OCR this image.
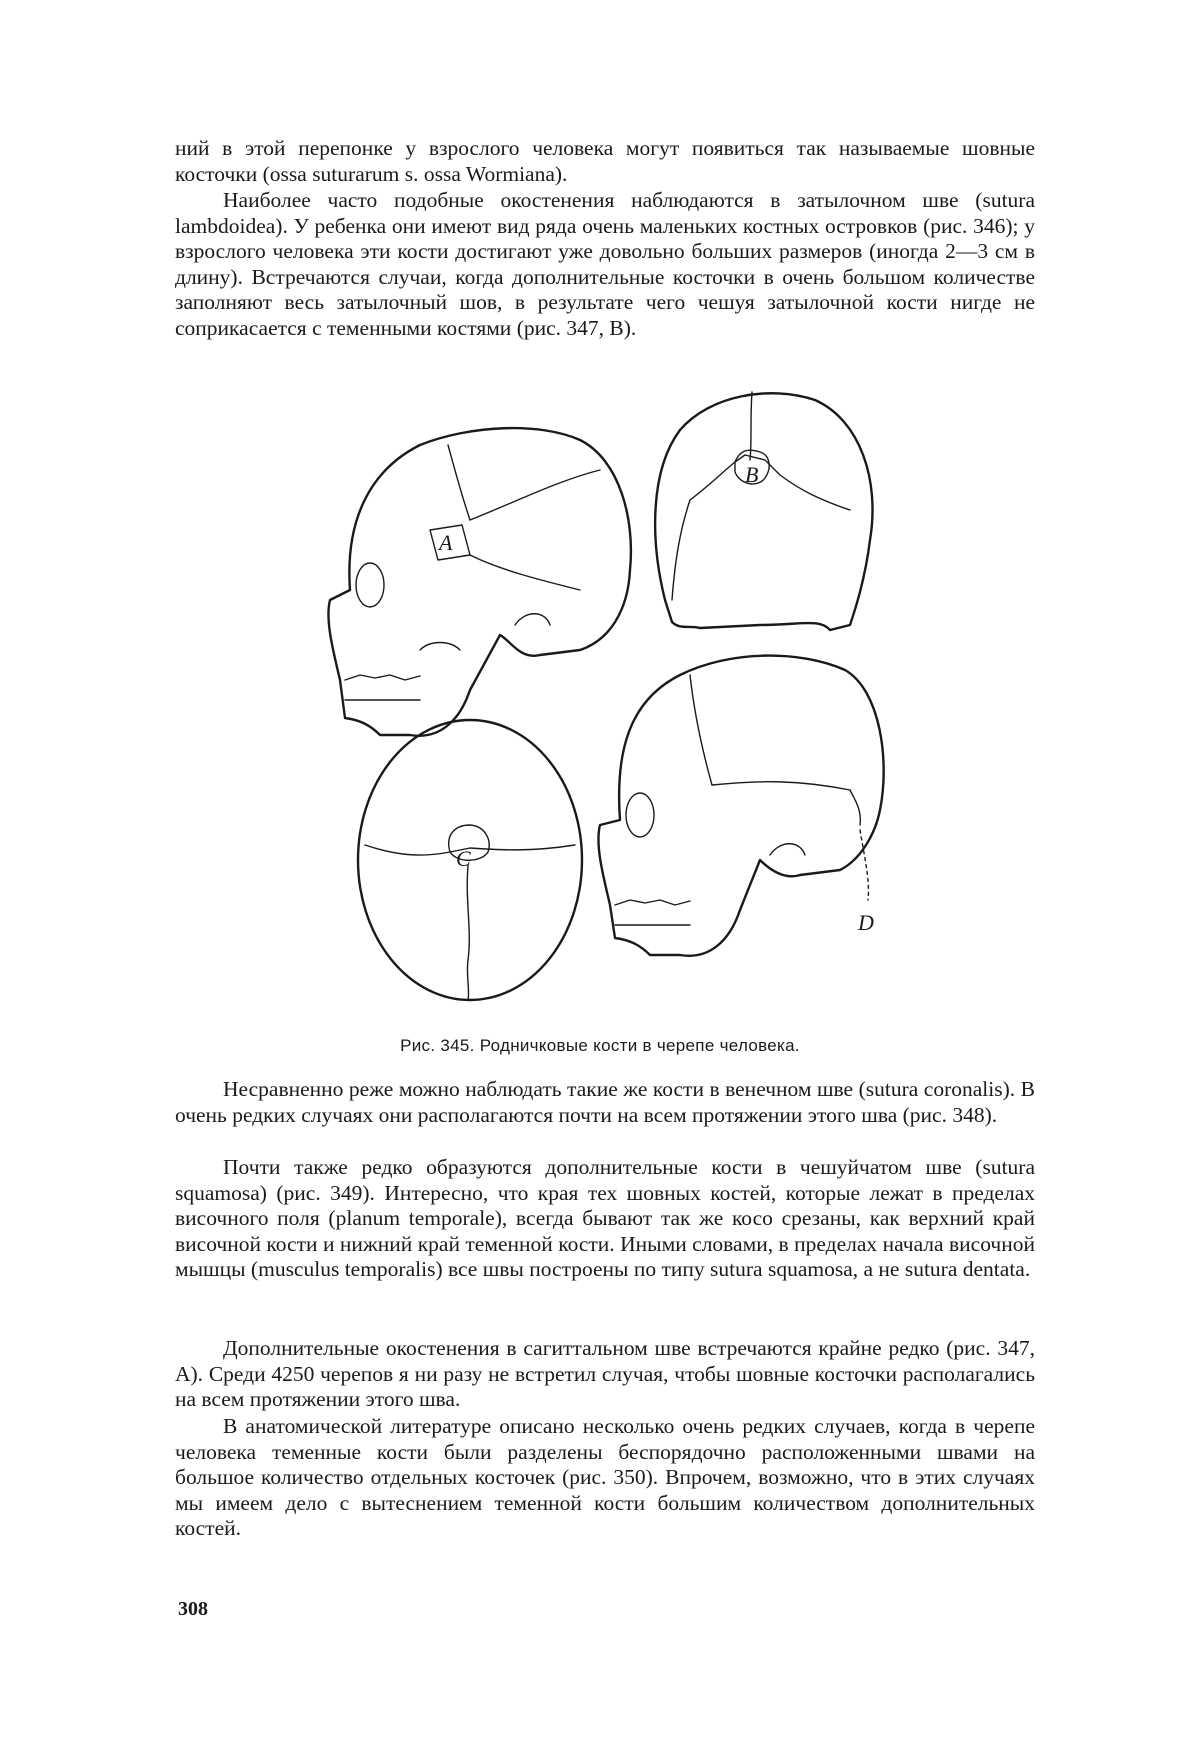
ний в этой перепонке у взрослого человека могут появиться так называемые шовные косточки (ossa suturarum s. ossa Wormiana).

Наиболее часто подобные окостенения наблюдаются в затылочном шве (sutura lambdoidea). У ребенка они имеют вид ряда очень маленьких костных островков (рис. 346); у взрослого человека эти кости достигают уже довольно больших размеров (иногда 2—3 см в длину). Встречаются случаи, когда дополнительные косточки в очень большом количестве заполняют весь затылочный шов, в результате чего чешуя затылочной кости нигде не соприкасается с теменными костями (рис. 347, В).

A
B
C
D
Рис. 345. Родничковые кости в черепе человека.

Несравненно реже можно наблюдать такие же кости в венечном шве (sutura coronalis). В очень редких случаях они располагаются почти на всем протяжении этого шва (рис. 348).

Почти также редко образуются дополнительные кости в чешуйчатом шве (sutura squamosa) (рис. 349). Интересно, что края тех шовных костей, которые лежат в пределах височного поля (planum temporale), всегда бывают так же косо срезаны, как верхний край височной кости и нижний край теменной кости. Иными словами, в пределах начала височной мышцы (musculus temporalis) все швы построены по типу sutura squamosa, а не sutura dentata.

Дополнительные окостенения в сагиттальном шве встречаются крайне редко (рис. 347, А). Среди 4250 черепов я ни разу не встретил случая, чтобы шовные косточки располагались на всем протяжении этого шва.

В анатомической литературе описано несколько очень редких случаев, когда в черепе человека теменные кости были разделены беспорядочно расположенными швами на большое количество отдельных косточек (рис. 350). Впрочем, возможно, что в этих случаях мы имеем дело с вытеснением теменной кости большим количеством дополнительных костей.

308
